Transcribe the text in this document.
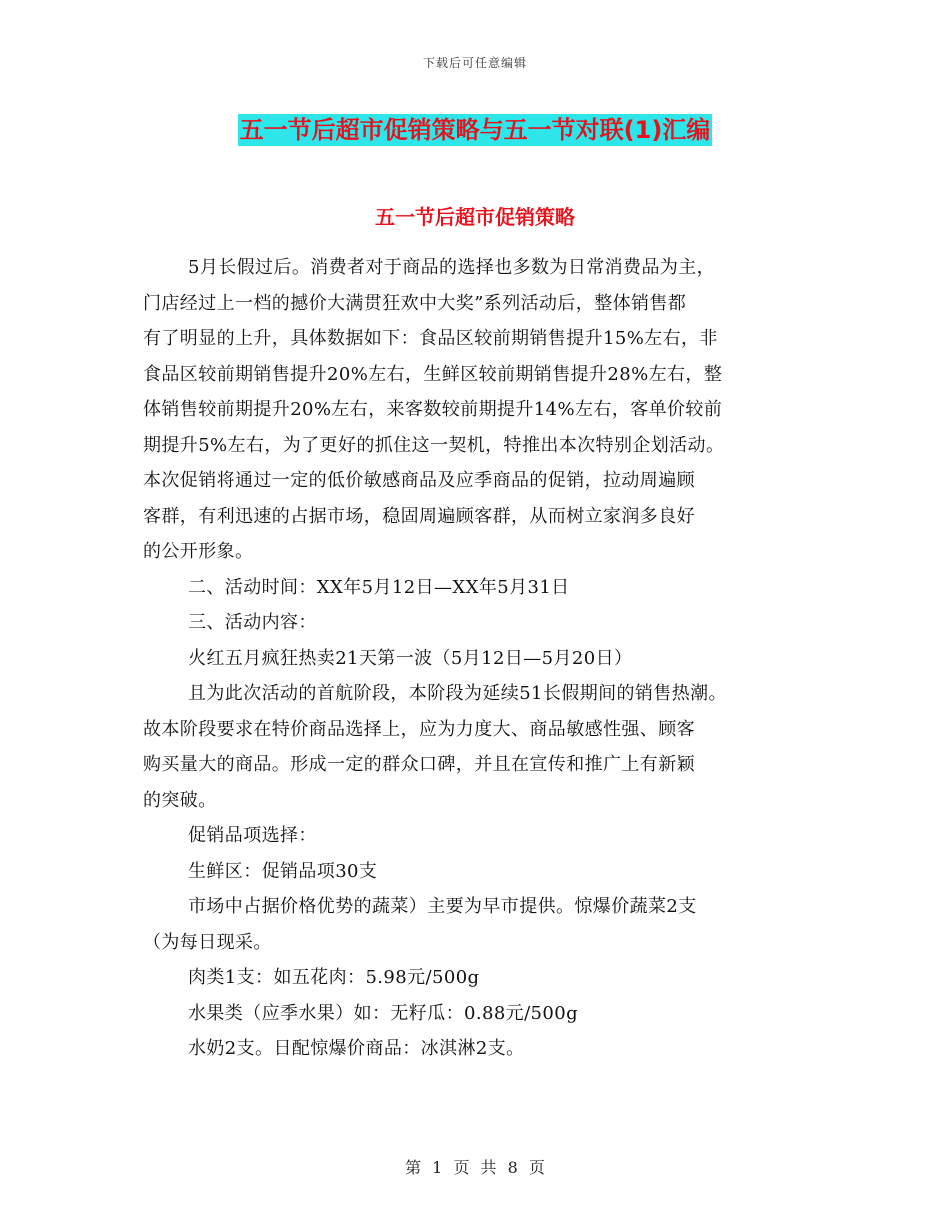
下载后可任意编辑
五一节后超市促销策略与五一节对联(1)汇编
五一节后超市促销策略
5月长假过后。消费者对于商品的选择也多数为日常消费品为主，
门店经过上一档的撼价大满贯狂欢中大奖”系列活动后，整体销售都
有了明显的上升，具体数据如下：食品区较前期销售提升15%左右，非
食品区较前期销售提升20%左右，生鲜区较前期销售提升28%左右，整
体销售较前期提升20%左右，来客数较前期提升14%左右，客单价较前
期提升5%左右，为了更好的抓住这一契机，特推出本次特别企划活动。
本次促销将通过一定的低价敏感商品及应季商品的促销，拉动周遍顾
客群，有利迅速的占据市场，稳固周遍顾客群，从而树立家润多良好
的公开形象。
二、活动时间：XX年5月12日—XX年5月31日
三、活动内容：
火红五月疯狂热卖21天第一波（5月12日—5月20日）
且为此次活动的首航阶段，本阶段为延续51长假期间的销售热潮。
故本阶段要求在特价商品选择上，应为力度大、商品敏感性强、顾客
购买量大的商品。形成一定的群众口碑，并且在宣传和推广上有新颖
的突破。
促销品项选择：
生鲜区：促销品项30支
市场中占据价格优势的蔬菜）主要为早市提供。惊爆价蔬菜2支
（为每日现采。
肉类1支：如五花肉：5.98元/500g
水果类（应季水果）如：无籽瓜：0.88元/500g
水奶2支。日配惊爆价商品：冰淇淋2支。
第 1 页 共 8 页
